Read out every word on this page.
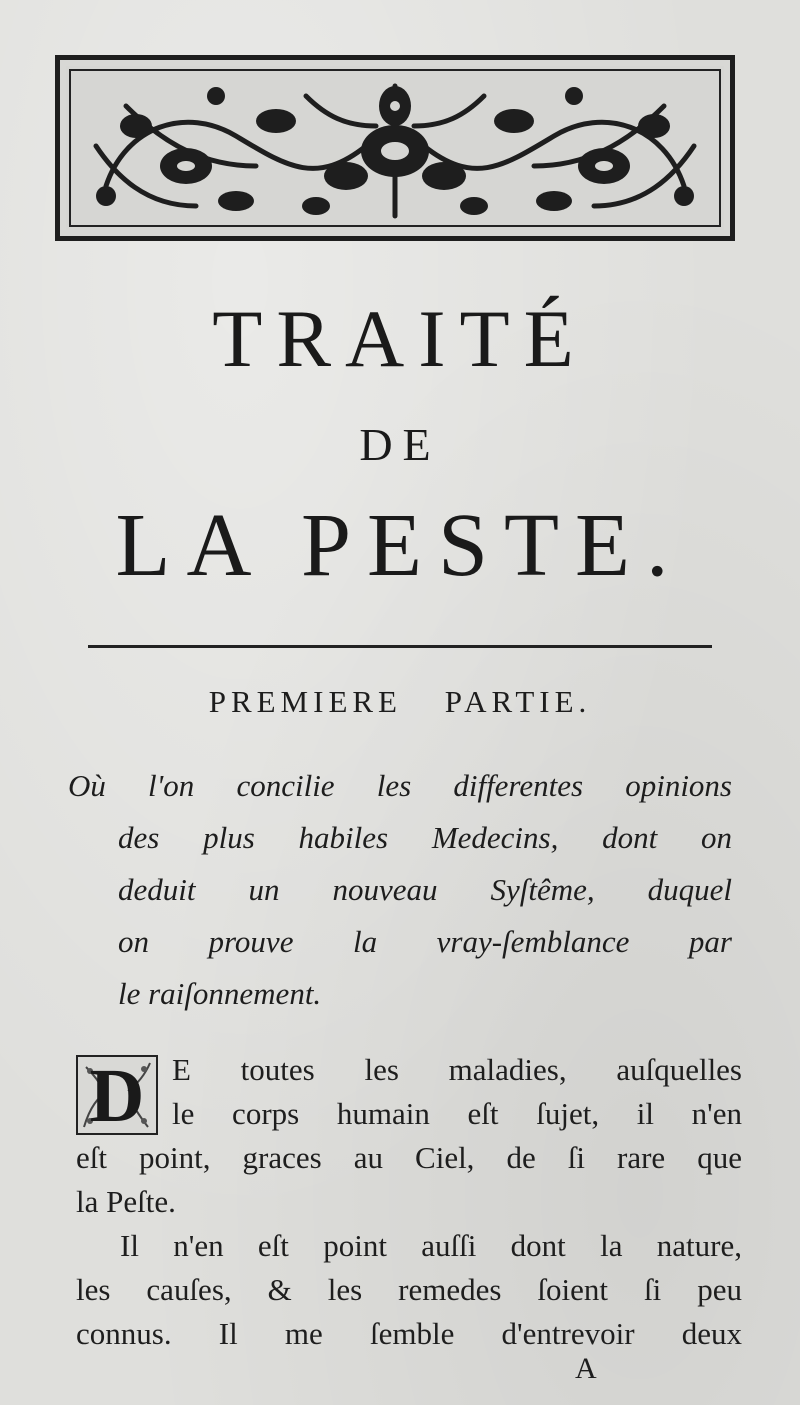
TRAITÉ
DE
LA PESTE.
PREMIERE PARTIE.
Où l'on concilie les differentes opinions
des plus habiles Medecins, dont on
deduit un nouveau Syſtême, duquel
on prouve la vray-ſemblance par
le raiſonnement.
D E toutes les maladies, auſquelles
le corps humain eſt ſujet, il n'en
eſt point, graces au Ciel, de ſi rare que
la Peſte.
Il n'en eſt point auſſi dont la nature,
les cauſes, & les remedes ſoient ſi peu
connus. Il me ſemble d'entrevoir deux
A
